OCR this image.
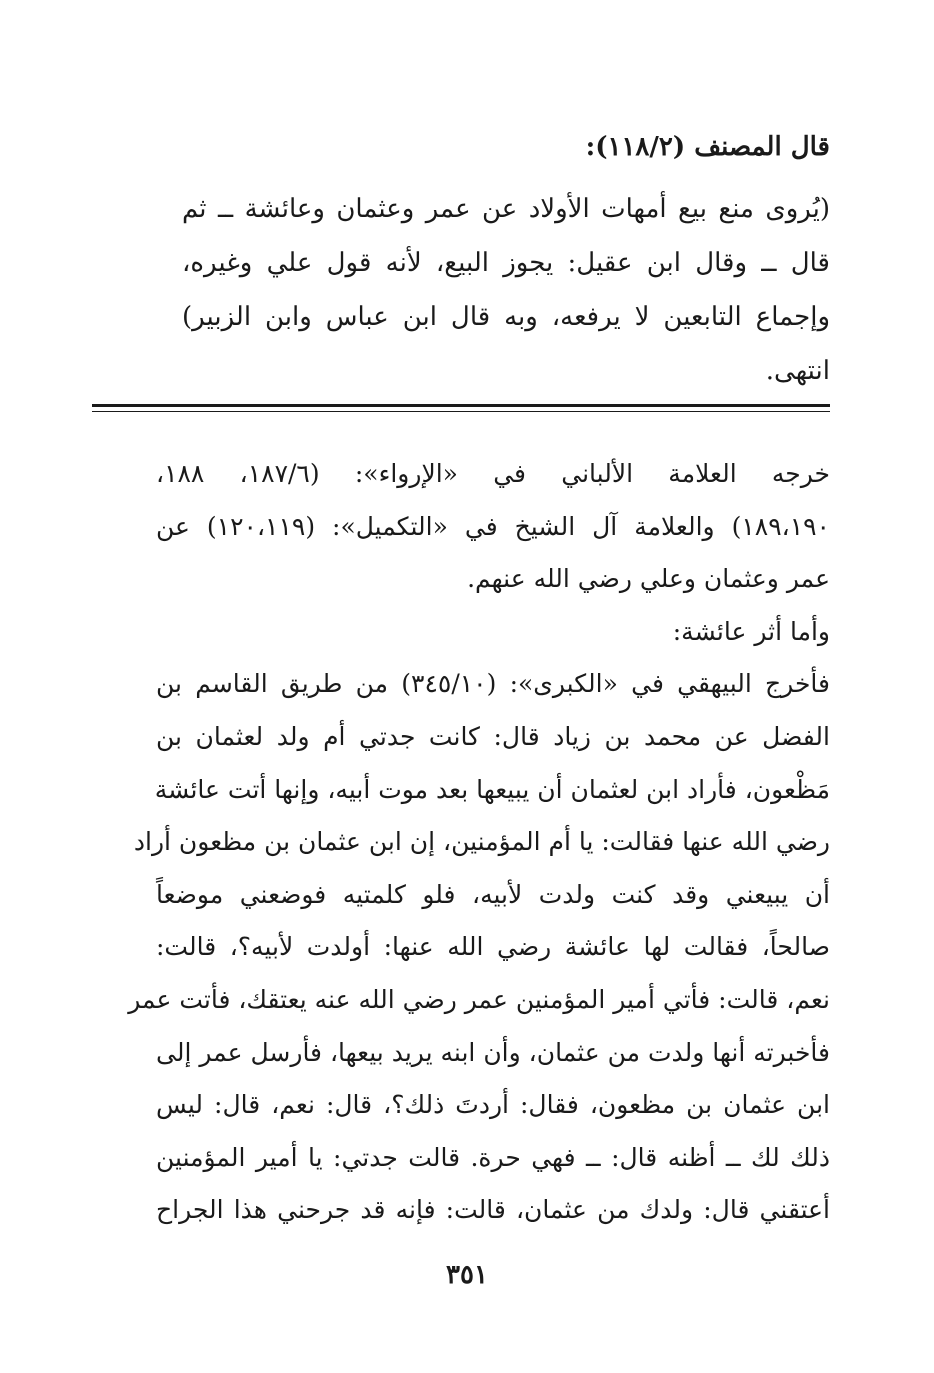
قال المصنف (١١٨/٢):
(يُروى منع بيع أمهات الأولاد عن عمر وعثمان وعائشة ــ ثم
قال ــ وقال ابن عقيل: يجوز البيع، لأنه قول علي وغيره،
وإجماع التابعين لا يرفعه، وبه قال ابن عباس وابن الزبير)
انتهى.
خرجه العلامة الألباني في «الإرواء»: (١٨٧/٦، ١٨٨،
١٨٩،١٩٠) والعلامة آل الشيخ في «التكميل»: (١٢٠،١١٩) عن
عمر وعثمان وعلي رضي الله عنهم.
وأما أثر عائشة:
فأخرج البيهقي في «الكبرى»: (٣٤٥/١٠) من طريق القاسم بن
الفضل عن محمد بن زياد قال: كانت جدتي أم ولد لعثمان بن
مَظْعون، فأراد ابن لعثمان أن يبيعها بعد موت أبيه، وإنها أتت عائشة
رضي الله عنها فقالت: يا أم المؤمنين، إن ابن عثمان بن مظعون أراد
أن يبيعني وقد كنت ولدت لأبيه، فلو كلمتيه فوضعني موضعاً
صالحاً، فقالت لها عائشة رضي الله عنها: أولدت لأبيه؟، قالت:
نعم، قالت: فأتي أمير المؤمنين عمر رضي الله عنه يعتقك، فأتت عمر
فأخبرته أنها ولدت من عثمان، وأن ابنه يريد بيعها، فأرسل عمر إلى
ابن عثمان بن مظعون، فقال: أردتَ ذلك؟، قال: نعم، قال: ليس
ذلك لك ــ أظنه قال: ــ فهي حرة. قالت جدتي: يا أمير المؤمنين
أعتقني قال: ولدك من عثمان، قالت: فإنه قد جرحني هذا الجراح
٣٥١
